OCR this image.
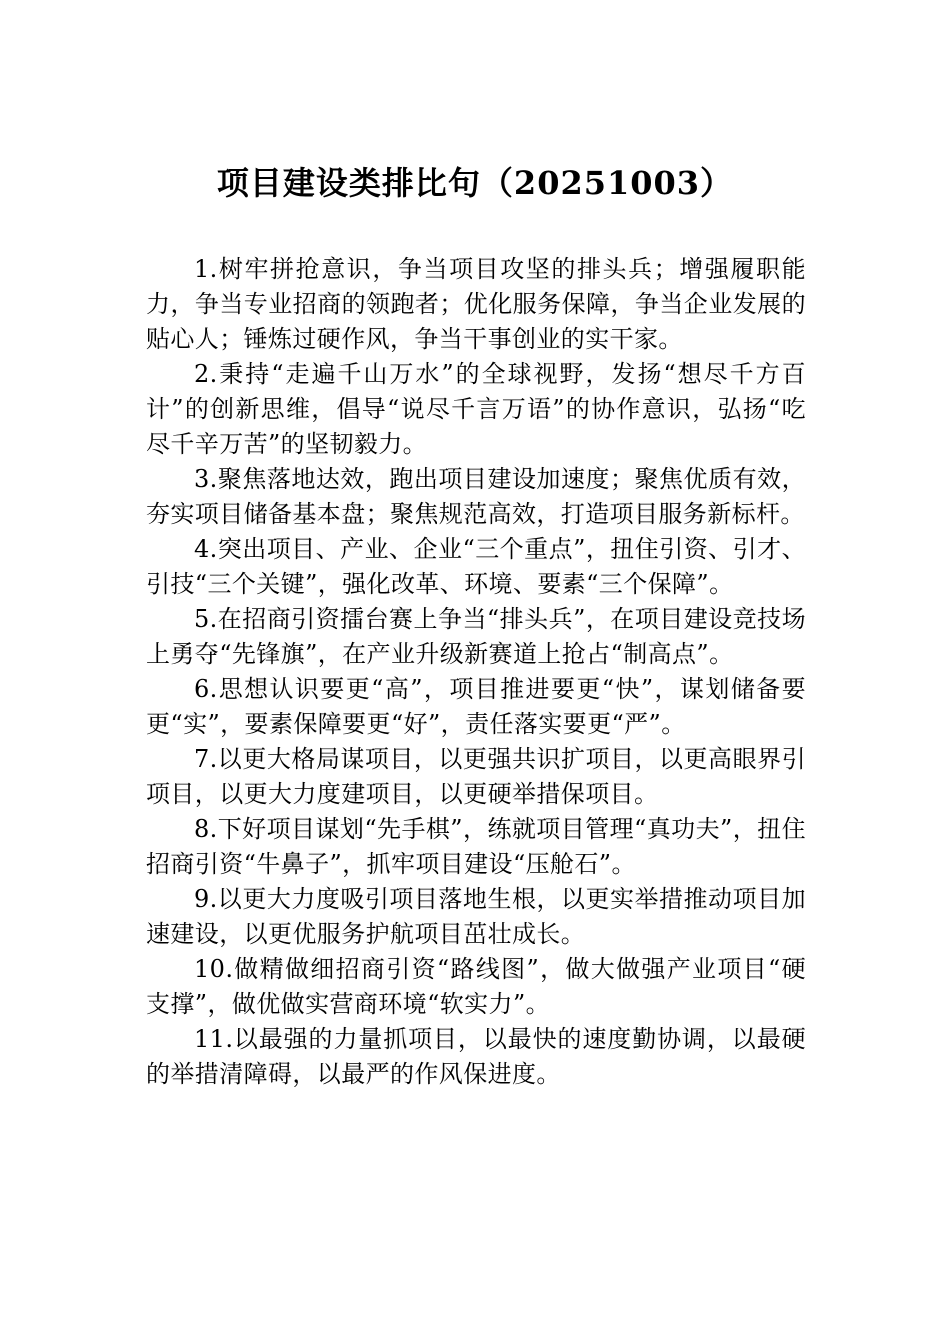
项目建设类排比句（20251003）

1.树牢拼抢意识，争当项目攻坚的排头兵；增强履职能力，争当专业招商的领跑者；优化服务保障，争当企业发展的贴心人；锤炼过硬作风，争当干事创业的实干家。

2.秉持“走遍千山万水”的全球视野，发扬“想尽千方百计”的创新思维，倡导“说尽千言万语”的协作意识，弘扬“吃尽千辛万苦”的坚韧毅力。

3.聚焦落地达效，跑出项目建设加速度；聚焦优质有效，夯实项目储备基本盘；聚焦规范高效，打造项目服务新标杆。

4.突出项目、产业、企业“三个重点”，扭住引资、引才、引技“三个关键”，强化改革、环境、要素“三个保障”。

5.在招商引资擂台赛上争当“排头兵”，在项目建设竞技场上勇夺“先锋旗”，在产业升级新赛道上抢占“制高点”。

6.思想认识要更“高”，项目推进要更“快”，谋划储备要更“实”，要素保障要更“好”，责任落实要更“严”。

7.以更大格局谋项目，以更强共识扩项目，以更高眼界引项目，以更大力度建项目，以更硬举措保项目。

8.下好项目谋划“先手棋”，练就项目管理“真功夫”，扭住招商引资“牛鼻子”，抓牢项目建设“压舱石”。

9.以更大力度吸引项目落地生根，以更实举措推动项目加速建设，以更优服务护航项目茁壮成长。

10.做精做细招商引资“路线图”，做大做强产业项目“硬支撑”，做优做实营商环境“软实力”。

11.以最强的力量抓项目，以最快的速度勤协调，以最硬的举措清障碍，以最严的作风保进度。
